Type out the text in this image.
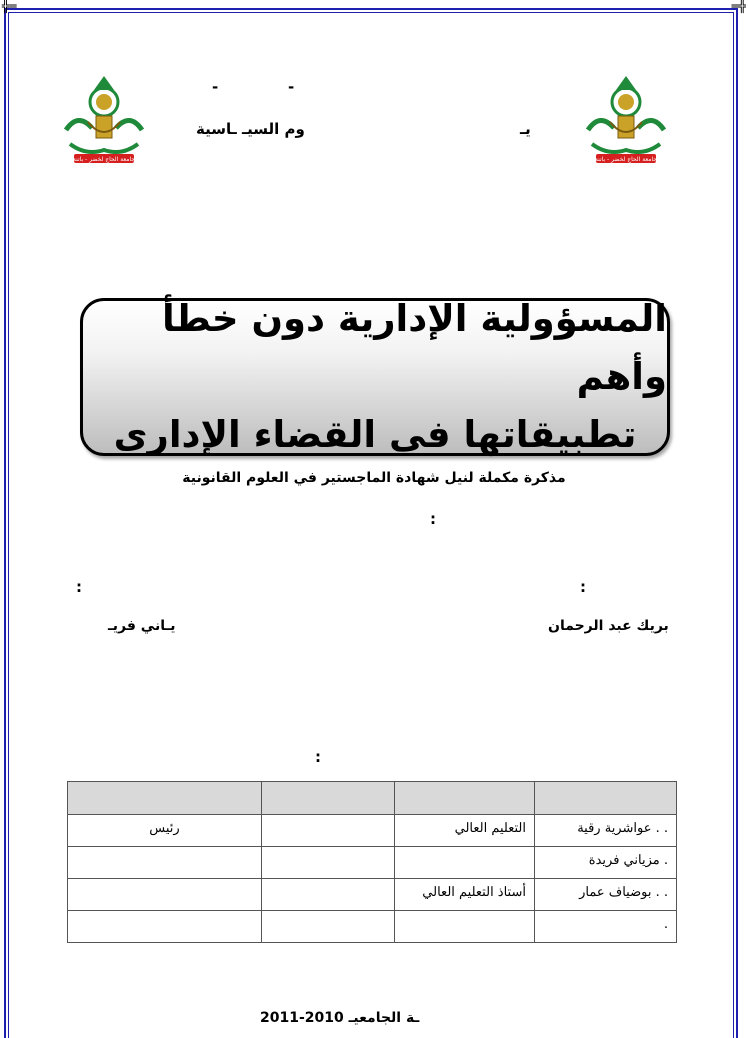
╬═	═╬
جامعة الحاج لخضر - باتنة	جامعة الحاج لخضر - باتنة
-	-
وم السيـ ـاسية	يـ
المسؤولية الإدارية دون خطأ وأهم
تطبيقاتها في القضاء الإداري
مذكرة مكملة لنيل شهادة الماجستير في العلوم القانونية
:
:
:
بريك عبد الرحمان
يـاني فريـ
:

. . عواشرية رقية	التعليم العالي		رئيس
. مزياني فريدة			
. . بوضياف عمار	أستاذ التعليم العالي		
.			
ـة الجامعيـ 2010-2011
